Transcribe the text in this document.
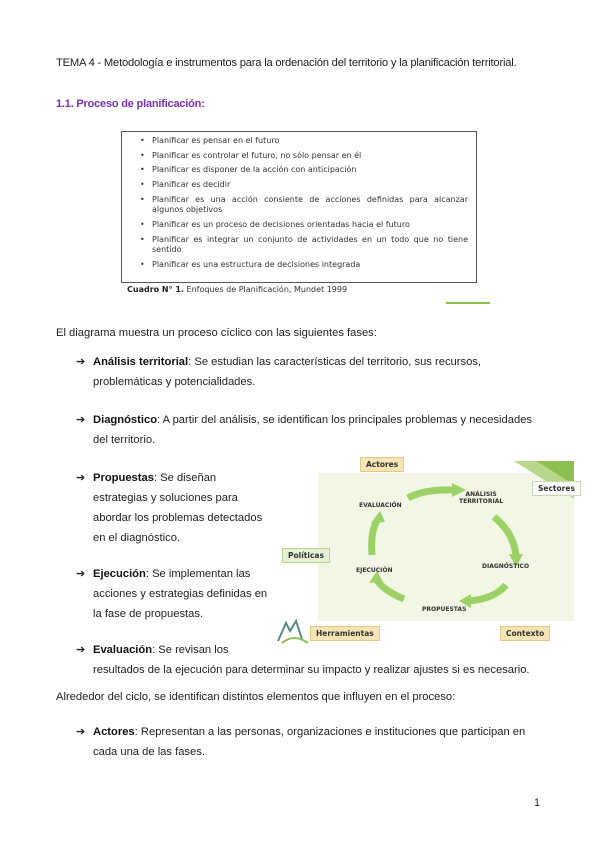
TEMA 4 - Metodología e instrumentos para la ordenación del territorio y la planificación territorial.
1.1. Proceso de planificación:
• Planificar es pensar en el futuro
• Planificar es controlar el futuro, no sólo pensar en él
• Planificar es disponer de la acción con anticipación
• Planificar es decidir
• Planificar es una acción consiente de acciones definidas para alcanzar algunos objetivos
• Planificar es un proceso de decisiones orientadas hacia el futuro
• Planificar es integrar un conjunto de actividades en un todo que no tiene sentido
• Planificar es una estructura de decisiones integrada
Cuadro N° 1. Enfoques de Planificación, Mundet 1999
El diagrama muestra un proceso cíclico con las siguientes fases:
➔ Análisis territorial: Se estudian las características del territorio, sus recursos,
problemáticas y potencialidades.
➔ Diagnóstico: A partir del análisis, se identifican los principales problemas y necesidades
del territorio.
➔ Propuestas: Se diseñan
estrategias y soluciones para
abordar los problemas detectados
en el diagnóstico.
➔ Ejecución: Se implementan las
acciones y estrategias definidas en
la fase de propuestas.
➔ Evaluación: Se revisan los
resultados de la ejecución para determinar su impacto y realizar ajustes si es necesario.
Alrededor del ciclo, se identifican distintos elementos que influyen en el proceso:
➔ Actores: Representan a las personas, organizaciones e instituciones que participan en
cada una de las fases.
ANÁLISIS
TERRITORIAL
EVALUACIÓN
DIAGNÓSTICO
EJECUCIÓN
PROPUESTAS
Actores
Sectores
Políticas
Herramientas	Contexto
1
